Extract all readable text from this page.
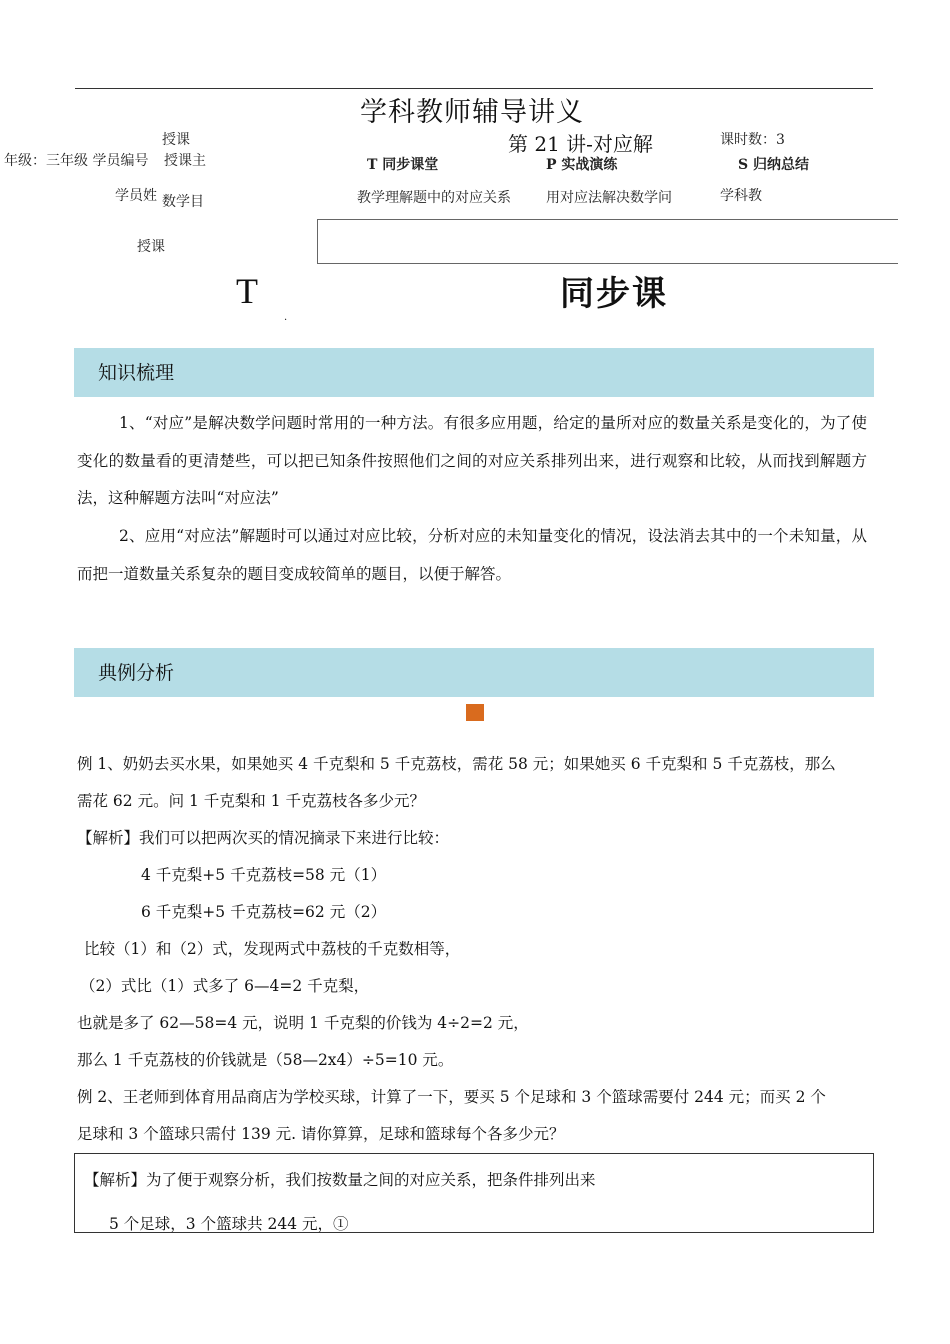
学科教师辅导讲义
授课
年级：三年级 学员编号 授课主
第 21 讲-对应解	课时数：3
T 同步课堂	P 实战演练	S 归纳总结
学员姓 数学目	教学理解题中的对应关系	用对应法解决数学问	学科教
授课
T
.
同步课
知识梳理
1、“对应”是解决数学问题时常用的一种方法。有很多应用题，给定的量所对应的数量关系是变化的，为了使变化的数量看的更清楚些，可以把已知条件按照他们之间的对应关系排列出来，进行观察和比较，从而找到解题方法，这种解题方法叫“对应法”
2、应用“对应法”解题时可以通过对应比较，分析对应的未知量变化的情况，设法消去其中的一个未知量，从而把一道数量关系复杂的题目变成较简单的题目，以便于解答。
典例分析
例 1、奶奶去买水果，如果她买 4 千克梨和 5 千克荔枝，需花 58 元；如果她买 6 千克梨和 5 千克荔枝，那么
需花 62 元。问 1 千克梨和 1 千克荔枝各多少元？
【解析】我们可以把两次买的情况摘录下来进行比较：
4 千克梨+5 千克荔枝=58 元（1）
6 千克梨+5 千克荔枝=62 元（2）
比较（1）和（2）式，发现两式中荔枝的千克数相等，
（2）式比（1）式多了 6—4=2 千克梨，
也就是多了 62—58=4 元，说明 1 千克梨的价钱为 4÷2=2 元，
那么 1 千克荔枝的价钱就是（58—2x4）÷5=10 元。
例 2、王老师到体育用品商店为学校买球，计算了一下，要买 5 个足球和 3 个篮球需要付 244 元；而买 2 个
足球和 3 个篮球只需付 139 元. 请你算算，足球和篮球每个各多少元？
【解析】为了便于观察分析，我们按数量之间的对应关系，把条件排列出来
5 个足球，3 个篮球共 244 元，①
